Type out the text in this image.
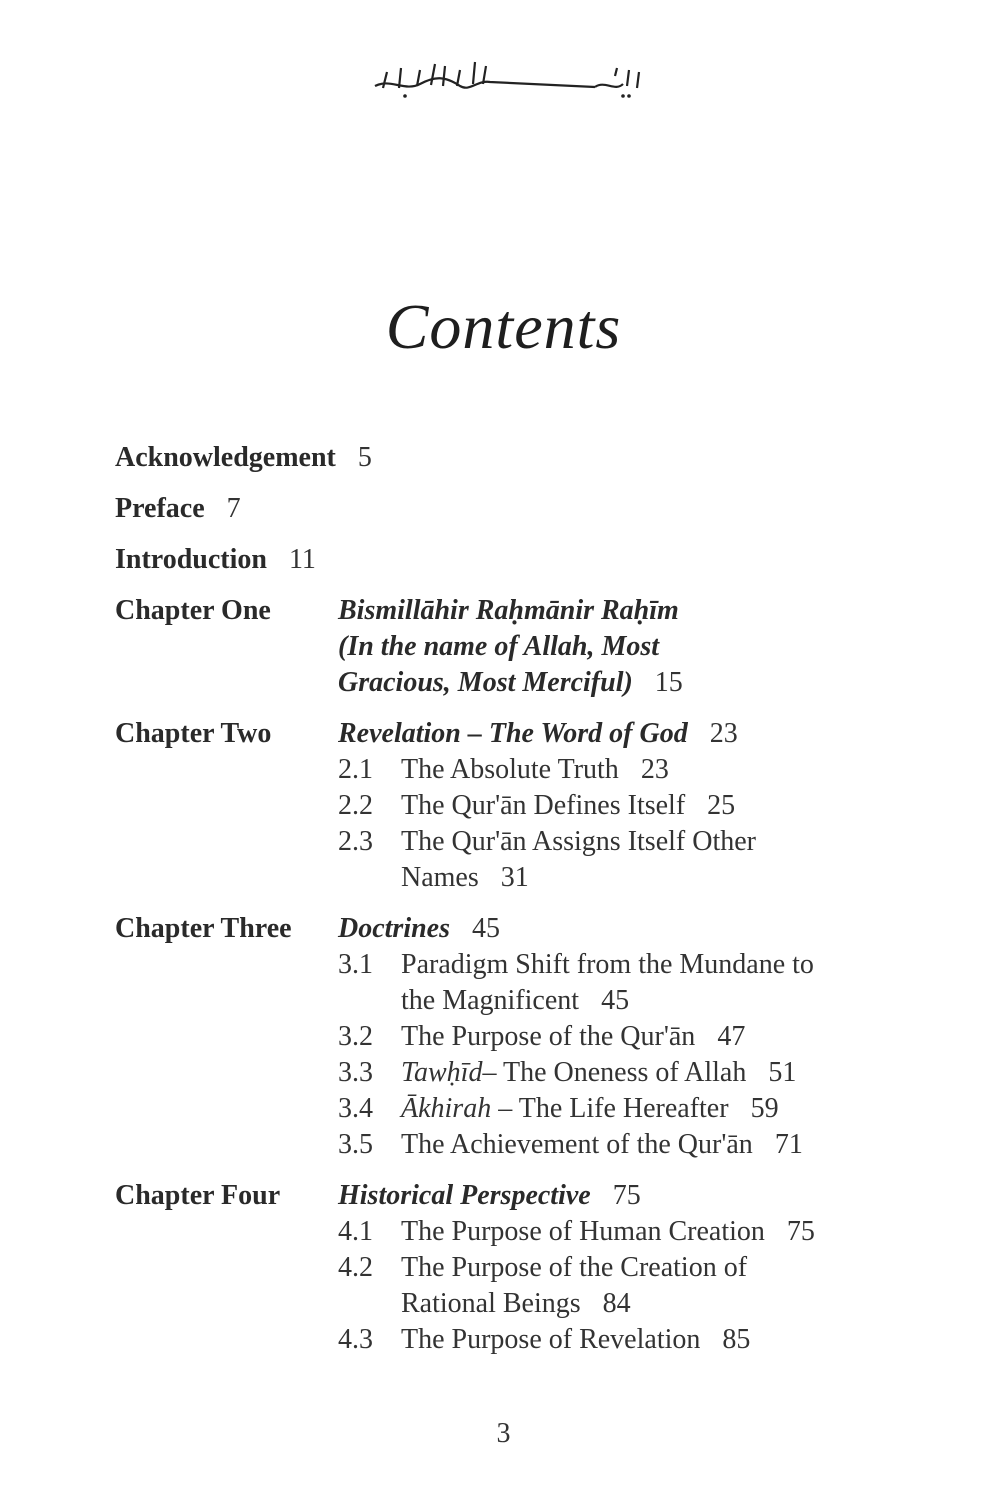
Contents
Acknowledgement 5
Preface 7
Introduction 11
Chapter One	Bismillāhir Raḥmānir Raḥīm
(In the name of Allah, Most
Gracious, Most Merciful) 15
Chapter Two	Revelation – The Word of God 23
2.1	The Absolute Truth 23
2.2	The Qur'ān Defines Itself 25
2.3	The Qur'ān Assigns Itself Other
Names 31
Chapter Three	Doctrines 45
3.1	Paradigm Shift from the Mundane to
the Magnificent 45
3.2	The Purpose of the Qur'ān 47
3.3	Tawḥīd– The Oneness of Allah 51
3.4	Ākhirah – The Life Hereafter 59
3.5	The Achievement of the Qur'ān 71
Chapter Four	Historical Perspective 75
4.1	The Purpose of Human Creation 75
4.2	The Purpose of the Creation of
Rational Beings 84
4.3	The Purpose of Revelation 85
3
